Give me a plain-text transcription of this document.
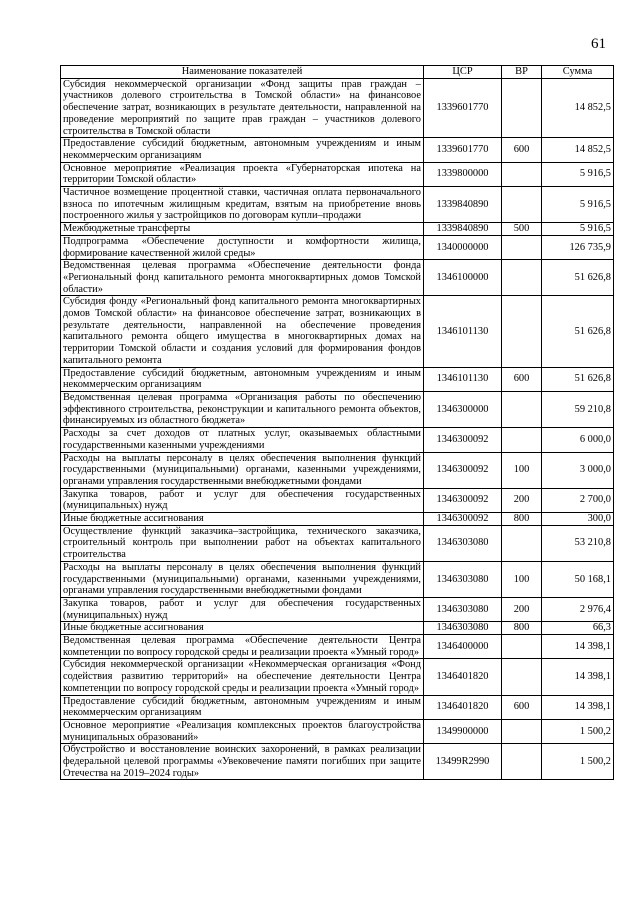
61
Наименование показателей	ЦСР	ВР	Сумма
Субсидия некоммерческой организации «Фонд защиты прав граждан – участников долевого строительства в Томской области» на финансовое обеспечение затрат, возникающих в результате деятельности, направленной на проведение мероприятий по защите прав граждан – участников долевого строительства в Томской области	1339601770		14 852,5
Предоставление субсидий бюджетным, автономным учреждениям и иным некоммерческим организациям	1339601770	600	14 852,5
Основное мероприятие «Реализация проекта «Губернаторская ипотека на территории Томской области»	1339800000		5 916,5
Частичное возмещение процентной ставки, частичная оплата первоначального взноса по ипотечным жилищным кредитам, взятым на приобретение вновь построенного жилья у застройщиков по договорам купли–продажи	1339840890		5 916,5
Межбюджетные трансферты	1339840890	500	5 916,5
Подпрограмма «Обеспечение доступности и комфортности жилища, формирование качественной жилой среды»	1340000000		126 735,9
Ведомственная целевая программа «Обеспечение деятельности фонда «Региональный фонд капитального ремонта многоквартирных домов Томской области»	1346100000		51 626,8
Субсидия фонду «Региональный фонд капитального ремонта многоквартирных домов Томской области» на финансовое обеспечение затрат, возникающих в результате деятельности, направленной на обеспечение проведения капитального ремонта общего имущества в многоквартирных домах на территории Томской области и создания условий для формирования фондов капитального ремонта	1346101130		51 626,8
Предоставление субсидий бюджетным, автономным учреждениям и иным некоммерческим организациям	1346101130	600	51 626,8
Ведомственная целевая программа «Организация работы по обеспечению эффективного строительства, реконструкции и капитального ремонта объектов, финансируемых из областного бюджета»	1346300000		59 210,8
Расходы за счет доходов от платных услуг, оказываемых областными государственными казенными учреждениями	1346300092		6 000,0
Расходы на выплаты персоналу в целях обеспечения выполнения функций государственными (муниципальными) органами, казенными учреждениями, органами управления государственными внебюджетными фондами	1346300092	100	3 000,0
Закупка товаров, работ и услуг для обеспечения государственных (муниципальных) нужд	1346300092	200	2 700,0
Иные бюджетные ассигнования	1346300092	800	300,0
Осуществление функций заказчика–застройщика, технического заказчика, строительный контроль при выполнении работ на объектах капитального строительства	1346303080		53 210,8
Расходы на выплаты персоналу в целях обеспечения выполнения функций государственными (муниципальными) органами, казенными учреждениями, органами управления государственными внебюджетными фондами	1346303080	100	50 168,1
Закупка товаров, работ и услуг для обеспечения государственных (муниципальных) нужд	1346303080	200	2 976,4
Иные бюджетные ассигнования	1346303080	800	66,3
Ведомственная целевая программа «Обеспечение деятельности Центра компетенции по вопросу городской среды и реализации проекта «Умный город»	1346400000		14 398,1
Субсидия некоммерческой организации «Некоммерческая организация «Фонд содействия развитию территорий» на обеспечение деятельности Центра компетенции по вопросу городской среды и реализации проекта «Умный город»	1346401820		14 398,1
Предоставление субсидий бюджетным, автономным учреждениям и иным некоммерческим организациям	1346401820	600	14 398,1
Основное мероприятие «Реализация комплексных проектов благоустройства муниципальных образований»	1349900000		1 500,2
Обустройство и восстановление воинских захоронений, в рамках реализации федеральной целевой программы «Увековечение памяти погибших при защите Отечества на 2019–2024 годы»	13499R2990		1 500,2
